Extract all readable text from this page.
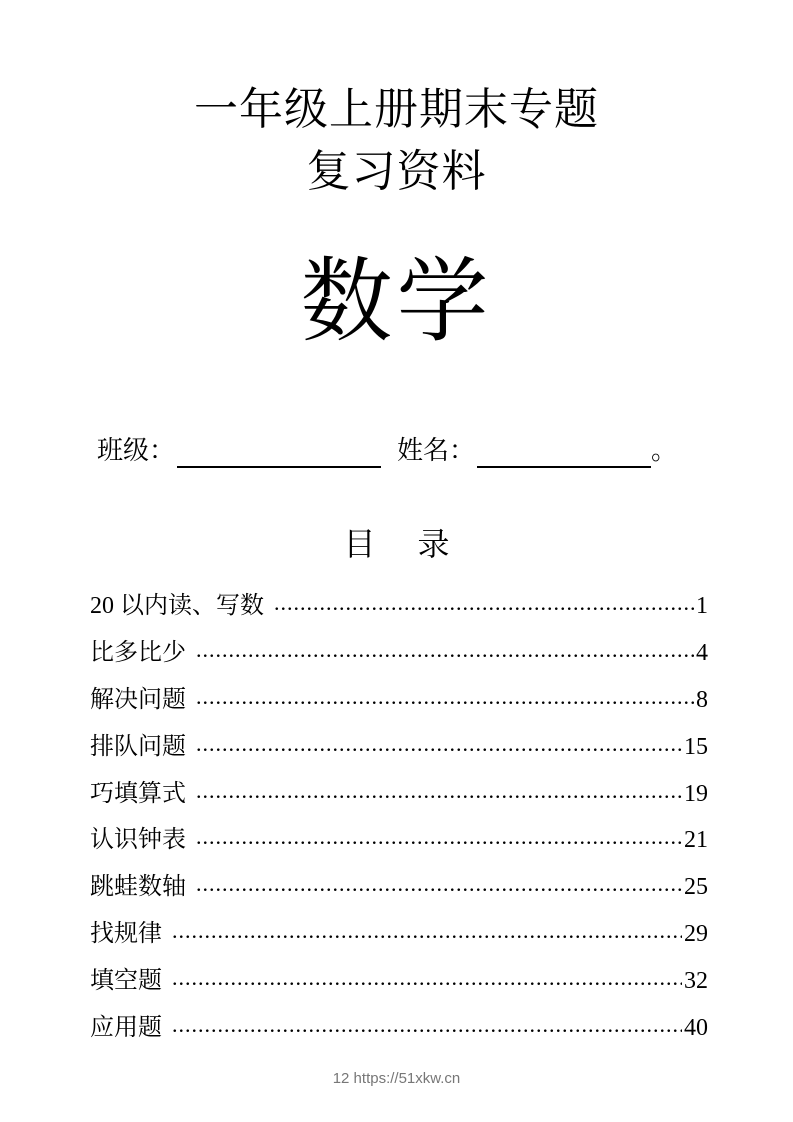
一年级上册期末专题
复习资料
数学
班级：	姓名：	。
目 录
20 以内读、写数 .....	1
比多比少 .....	4
解决问题 .....	8
排队问题 .....	15
巧填算式 .....	19
认识钟表 .....	21
跳蛙数轴 .....	25
找规律 .....	29
填空题 .....	32
应用题 .....	40
12 https://51xkw.cn
